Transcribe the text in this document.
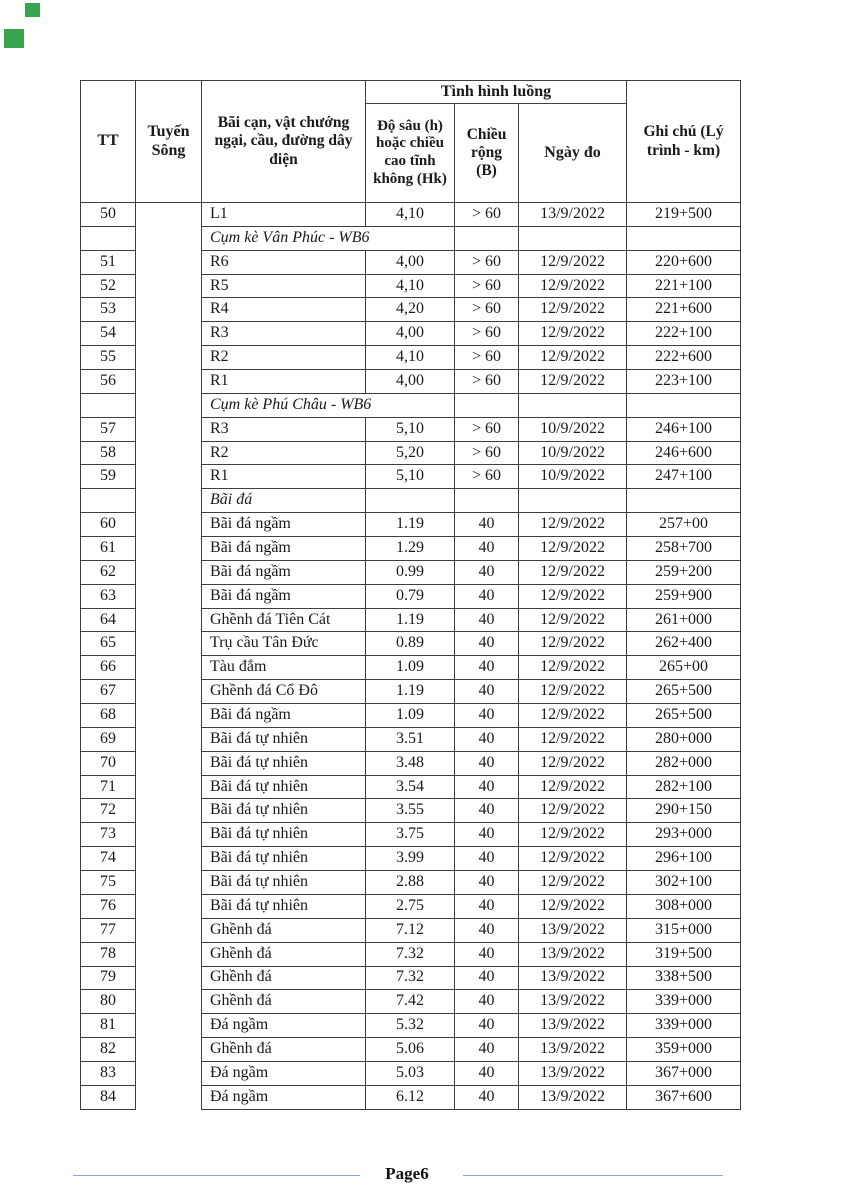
TT	Tuyến Sông	Bãi cạn, vật chướng ngại, cầu, đường dây điện	Tình hình luồng			Ghi chú (Lý trình - km)
			Độ sâu (h) hoặc chiều cao tĩnh không (Hk)	Chiều rộng (B)	Ngày đo	
50		L1	4,10	> 60	13/9/2022	219+500
		Cụm kè Vân Phúc - WB6				
51		R6	4,00	> 60	12/9/2022	220+600
52		R5	4,10	> 60	12/9/2022	221+100
53		R4	4,20	> 60	12/9/2022	221+600
54		R3	4,00	> 60	12/9/2022	222+100
55		R2	4,10	> 60	12/9/2022	222+600
56		R1	4,00	> 60	12/9/2022	223+100
		Cụm kè Phú Châu - WB6				
57		R3	5,10	> 60	10/9/2022	246+100
58		R2	5,20	> 60	10/9/2022	246+600
59		R1	5,10	> 60	10/9/2022	247+100
		Bãi đá				
60		Bãi đá ngầm	1.19	40	12/9/2022	257+00
61		Bãi đá ngầm	1.29	40	12/9/2022	258+700
62		Bãi đá ngầm	0.99	40	12/9/2022	259+200
63		Bãi đá ngầm	0.79	40	12/9/2022	259+900
64		Ghềnh đá Tiên Cát	1.19	40	12/9/2022	261+000
65		Trụ cầu Tân Đức	0.89	40	12/9/2022	262+400
66		Tàu đắm	1.09	40	12/9/2022	265+00
67		Ghềnh đá Cổ Đô	1.19	40	12/9/2022	265+500
68		Bãi đá ngầm	1.09	40	12/9/2022	265+500
69		Bãi đá tự nhiên	3.51	40	12/9/2022	280+000
70		Bãi đá tự nhiên	3.48	40	12/9/2022	282+000
71		Bãi đá tự nhiên	3.54	40	12/9/2022	282+100
72		Bãi đá tự nhiên	3.55	40	12/9/2022	290+150
73		Bãi đá tự nhiên	3.75	40	12/9/2022	293+000
74		Bãi đá tự nhiên	3.99	40	12/9/2022	296+100
75		Bãi đá tự nhiên	2.88	40	12/9/2022	302+100
76		Bãi đá tự nhiên	2.75	40	12/9/2022	308+000
77		Ghềnh đá	7.12	40	13/9/2022	315+000
78		Ghềnh đá	7.32	40	13/9/2022	319+500
79		Ghềnh đá	7.32	40	13/9/2022	338+500
80		Ghềnh đá	7.42	40	13/9/2022	339+000
81		Đá ngầm	5.32	40	13/9/2022	339+000
82		Ghềnh đá	5.06	40	13/9/2022	359+000
83		Đá ngầm	5.03	40	13/9/2022	367+000
84		Đá ngầm	6.12	40	13/9/2022	367+600
Page6
